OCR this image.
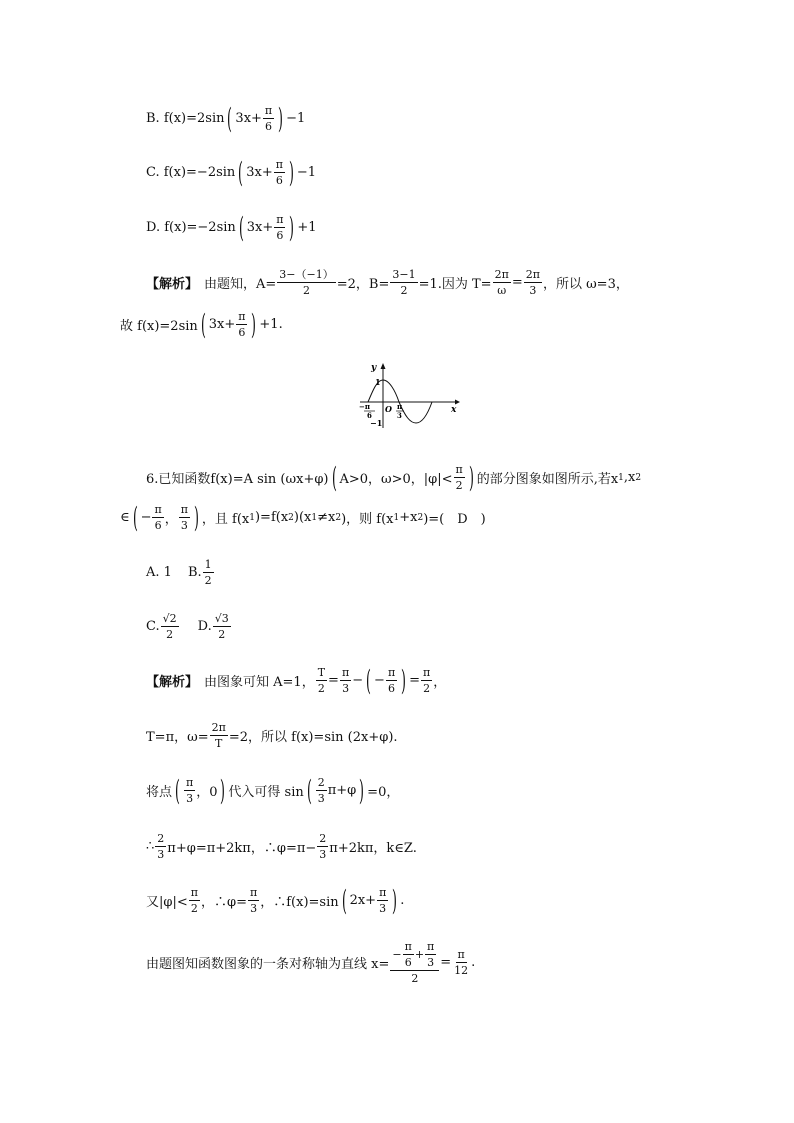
B. f(x)=2sin ( $3x+ \frac{\pi}{6}$ ) −1
C. f(x)=−2sin ( $3x+ \frac{\pi}{6}$ ) −1
D. f(x)=−2sin ( $3x+ \frac{\pi}{6}$ ) +1
【解析】 由题知，$A= \frac{3-(-1)}{2} =2$，$B= \frac{3-1}{2} =1$.因为 $T= \frac{2\pi}{\omega} = \frac{2\pi}{3}$ ，所以 ω=3，
故 f(x)=2sin ( $3x+ \frac{\pi}{6}$ ) +1.
y
x
1
−1
O
−π
6
π
3
6.已知函数f(x)=A sin (ωx+φ) ( A>0，ω>0，$|\varphi|< \frac{\pi}{2}$ ) 的部分图象如图所示,若x 1 ,x 2
∈ ( − $\frac{\pi}{6}$ ， $\frac{\pi}{3}$ ) ，且 f(x 1 )=f(x 2 )(x 1 ≠x 2 )，则 f(x 1 +x 2 )=(　D　)
A. 1 B. $\frac{1}{2}$
C. $\frac{√2}{2} D$. $\frac{√3}{2}$
【解析】 由图象可知 A=1， $\frac{T}{2} = \frac{\pi}{3}$ − ( − $\frac{\pi}{6}$ ) = $\frac{\pi}{2}$ ，
T=π，$\omega= \frac{2\pi}{T} =2$，所以 f(x)=sin (2x+φ).
将点 ( $\frac{\pi}{3}$ ，0 ) 代入可得 sin ( $\frac{2}{3} \pi+\varphi$ ) =0，
∴ $\frac{2}{3} \pi+\varphi=\pi+2k\pi$，∴φ=π− $\frac{2}{3} \pi+2k\pi$，k∈Z.
又$|\varphi|< \frac{\pi}{2}$ ，∴φ= $\frac{\pi}{3}$ ，∴f(x)=sin ( $2x+ \frac{\pi}{3}$ ) .
由题图知函数图象的一条对称轴为直线 $x= \frac{- \frac{\pi}{6} + \frac{\pi}{3}}{2} = \frac{\pi}{12}$ .
